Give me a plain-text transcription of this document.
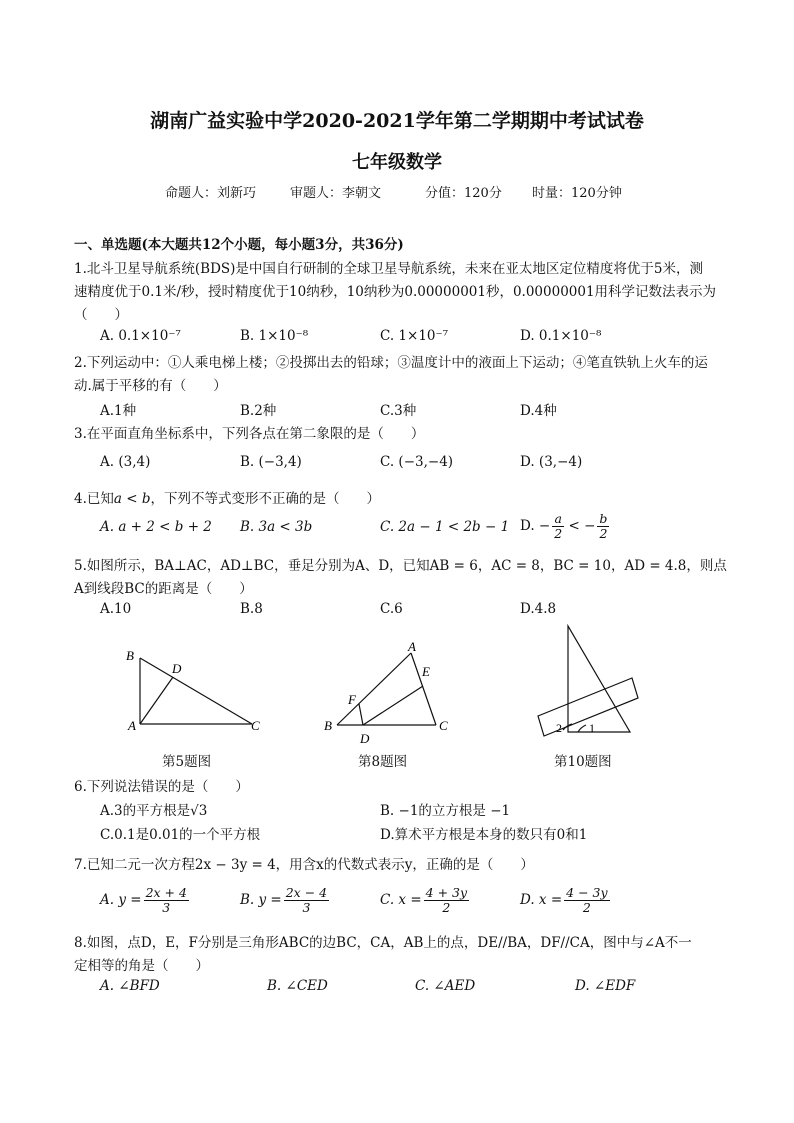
湖南广益实验中学2020-2021学年第二学期期中考试试卷
七年级数学
命题人：刘新巧	审题人：李朝文	分值：120分 时量：120分钟
一、单选题(本大题共12个小题，每小题3分，共36分)
1.北斗卫星导航系统(BDS)是中国自行研制的全球卫星导航系统，未来在亚太地区定位精度将优于5米，测
速精度优于0.1米/秒，授时精度优于10纳秒，10纳秒为0.00000001秒，0.00000001用科学记数法表示为
（　　）
A. 0.1×10⁻⁷	B. 1×10⁻⁸	C. 1×10⁻⁷	D. 0.1×10⁻⁸
2.下列运动中：①人乘电梯上楼；②投掷出去的铅球；③温度计中的液面上下运动；④笔直铁轨上火车的运
动.属于平移的有（　　）
A.1种	B.2种	C.3种	D.4种
3.在平面直角坐标系中，下列各点在第二象限的是（　　）
A. (3,4)	B. (−3,4)	C. (−3,−4)	D. (3,−4)
4.已知a < b，下列不等式变形不正确的是（　　）
A. a + 2 < b + 2 B. 3a < 3b	C. 2a − 1 < 2b − 1 D. − $\frac{a}{2}$ < − $\frac{b}{2}$
5.如图所示，BA⊥AC，AD⊥BC，垂足分别为A、D，已知AB = 6，AC = 8，BC = 10，AD = 4.8，则点
A到线段BC的距离是（　　）
A.10	B.8	C.6	D.4.8
B
D
A	C
第5题图
A
E
F
B
D
C
第8题图
2 1
第10题图
6.下列说法错误的是（　　）
A.3的平方根是√3	B. −1的立方根是 −1
C.0.1是0.01的一个平方根	D.算术平方根是本身的数只有0和1
7.已知二元一次方程2x − 3y = 4，用含x的代数式表示y，正确的是（　　）
A. $y = \frac{2x + 4}{3}$	B. $y = \frac{2x - 4}{3}$	C. $x = \frac{4 + 3y}{2}$	D. $x = \frac{4 - 3y}{2}$
8.如图，点D，E，F分别是三角形ABC的边BC，CA，AB上的点，DE//BA，DF//CA，图中与∠A不一
定相等的角是（　　）
A. ∠BFD	B. ∠CED	C. ∠AED	D. ∠EDF
